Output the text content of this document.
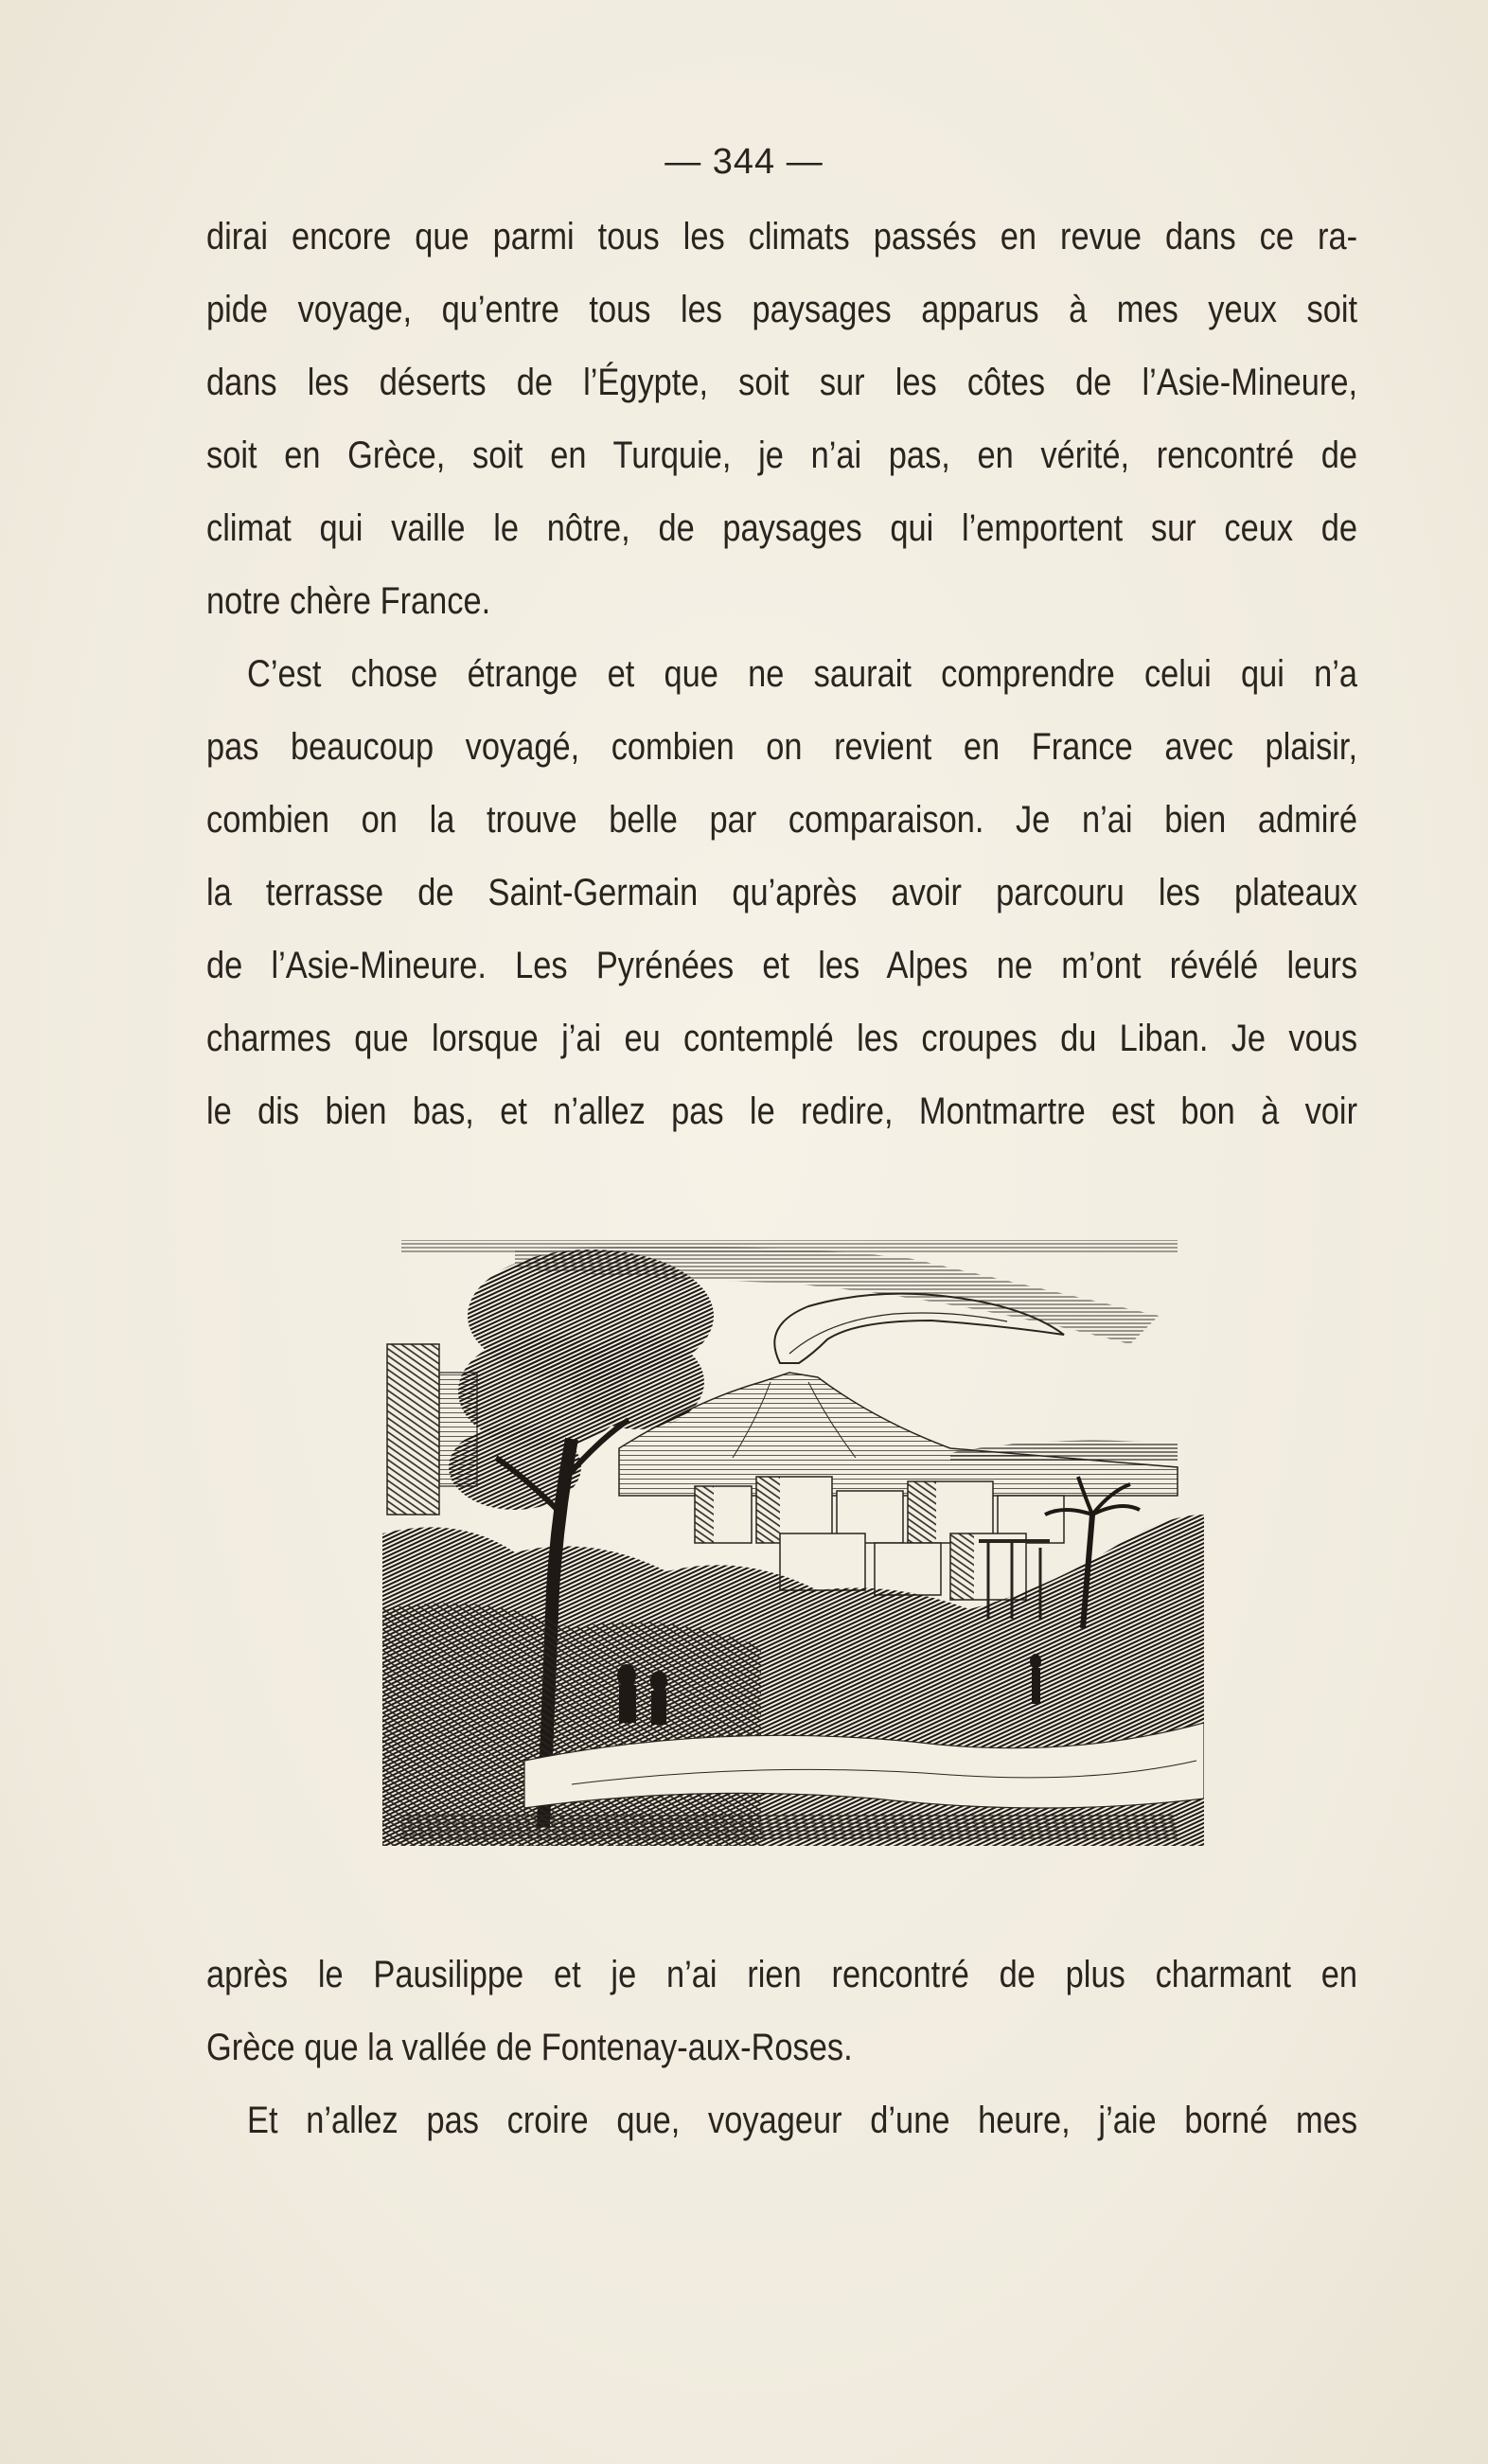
— 344 —
dirai encore que parmi tous les climats passés en revue dans ce ra-
pide voyage, qu’entre tous les paysages apparus à mes yeux soit
dans les déserts de l’Égypte, soit sur les côtes de l’Asie-Mineure,
soit en Grèce, soit en Turquie, je n’ai pas, en vérité, rencontré de
climat qui vaille le nôtre, de paysages qui l’emportent sur ceux de
notre chère France.
C’est chose étrange et que ne saurait comprendre celui qui n’a
pas beaucoup voyagé, combien on revient en France avec plaisir,
combien on la trouve belle par comparaison. Je n’ai bien admiré
la terrasse de Saint-Germain qu’après avoir parcouru les plateaux
de l’Asie-Mineure. Les Pyrénées et les Alpes ne m’ont révélé leurs
charmes que lorsque j’ai eu contemplé les croupes du Liban. Je vous
le dis bien bas, et n’allez pas le redire, Montmartre est bon à voir
après le Pausilippe et je n’ai rien rencontré de plus charmant en
Grèce que la vallée de Fontenay-aux-Roses.
Et n’allez pas croire que, voyageur d’une heure, j’aie borné mes
